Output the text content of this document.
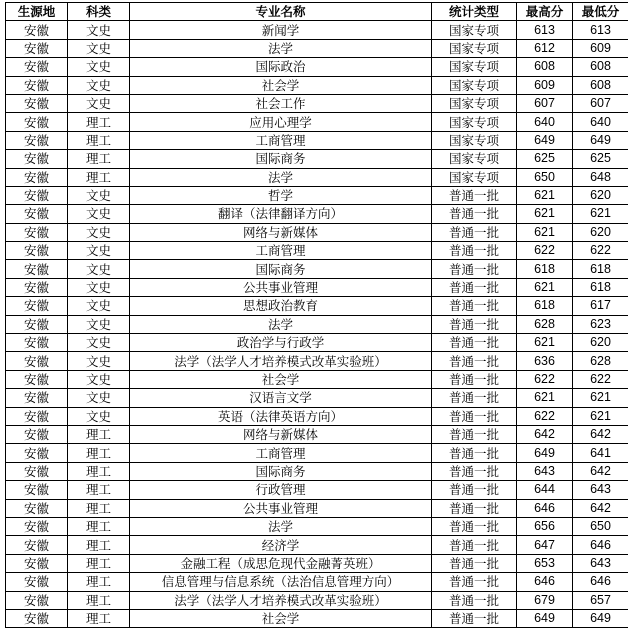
生源地	科类	专业名称	统计类型	最高分	最低分
安徽	文史	新闻学	国家专项	613	613
安徽	文史	法学	国家专项	612	609
安徽	文史	国际政治	国家专项	608	608
安徽	文史	社会学	国家专项	609	608
安徽	文史	社会工作	国家专项	607	607
安徽	理工	应用心理学	国家专项	640	640
安徽	理工	工商管理	国家专项	649	649
安徽	理工	国际商务	国家专项	625	625
安徽	理工	法学	国家专项	650	648
安徽	文史	哲学	普通一批	621	620
安徽	文史	翻译（法律翻译方向）	普通一批	621	621
安徽	文史	网络与新媒体	普通一批	621	620
安徽	文史	工商管理	普通一批	622	622
安徽	文史	国际商务	普通一批	618	618
安徽	文史	公共事业管理	普通一批	621	618
安徽	文史	思想政治教育	普通一批	618	617
安徽	文史	法学	普通一批	628	623
安徽	文史	政治学与行政学	普通一批	621	620
安徽	文史	法学（法学人才培养模式改革实验班）	普通一批	636	628
安徽	文史	社会学	普通一批	622	622
安徽	文史	汉语言文学	普通一批	621	621
安徽	文史	英语（法律英语方向）	普通一批	622	621
安徽	理工	网络与新媒体	普通一批	642	642
安徽	理工	工商管理	普通一批	649	641
安徽	理工	国际商务	普通一批	643	642
安徽	理工	行政管理	普通一批	644	643
安徽	理工	公共事业管理	普通一批	646	642
安徽	理工	法学	普通一批	656	650
安徽	理工	经济学	普通一批	647	646
安徽	理工	金融工程（成思危现代金融菁英班）	普通一批	653	643
安徽	理工	信息管理与信息系统（法治信息管理方向）	普通一批	646	646
安徽	理工	法学（法学人才培养模式改革实验班）	普通一批	679	657
安徽	理工	社会学	普通一批	649	649
